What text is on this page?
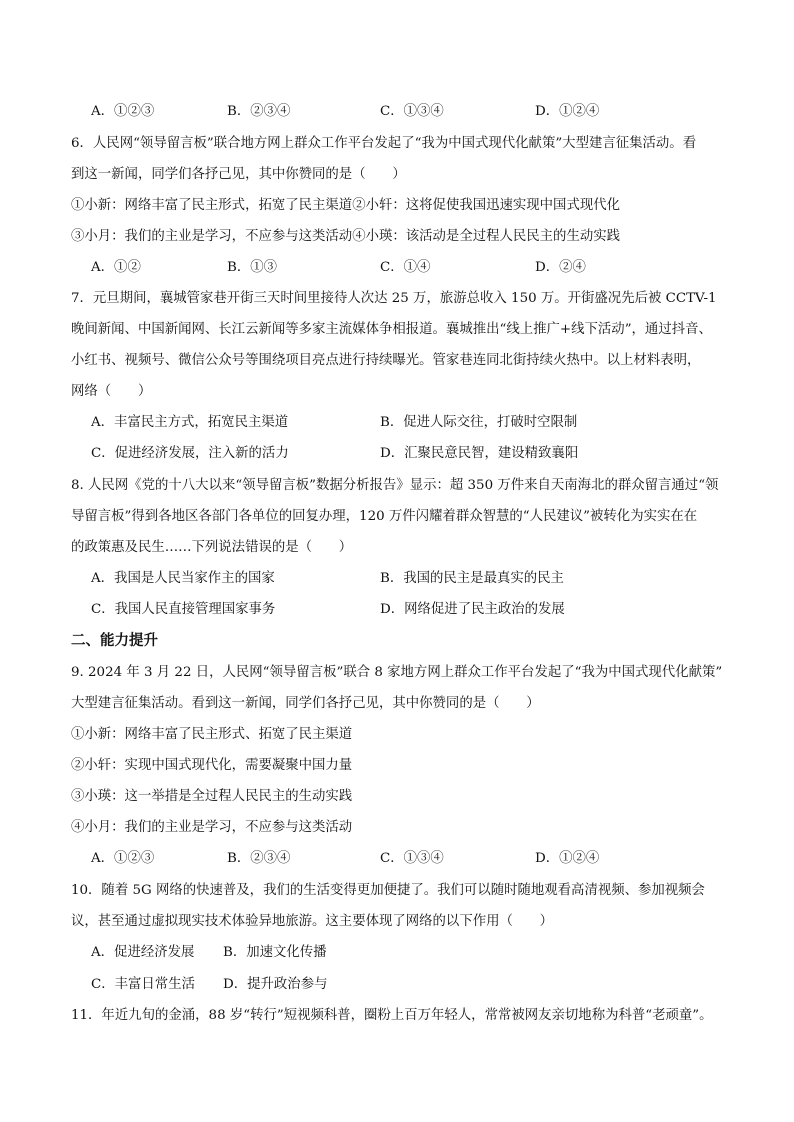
A．①②③	B．②③④	C．①③④	D．①②④
6．人民网“领导留言板”联合地方网上群众工作平台发起了“我为中国式现代化献策”大型建言征集活动。看
到这一新闻，同学们各抒己见，其中你赞同的是（　　）
①小新：网络丰富了民主形式，拓宽了民主渠道②小轩：这将促使我国迅速实现中国式现代化
③小月：我们的主业是学习，不应参与这类活动④小瑛：该活动是全过程人民民主的生动实践
A．①②	B．①③	C．①④	D．②④
7．元旦期间，襄城管家巷开街三天时间里接待人次达 25 万，旅游总收入 150 万。开街盛况先后被 CCTV-1
晚间新闻、中国新闻网、长江云新闻等多家主流媒体争相报道。襄城推出“线上推广+线下活动”，通过抖音、
小红书、视频号、微信公众号等围绕项目亮点进行持续曝光。管家巷连同北街持续火热中。以上材料表明，
网络（　　）
A．丰富民主方式，拓宽民主渠道	B．促进人际交往，打破时空限制
C．促进经济发展，注入新的活力	D．汇聚民意民智，建设精致襄阳
8. 人民网《党的十八大以来“领导留言板”数据分析报告》显示：超 350 万件来自天南海北的群众留言通过“领
导留言板”得到各地区各部门各单位的回复办理，120 万件闪耀着群众智慧的“人民建议”被转化为实实在在
的政策惠及民生……下列说法错误的是（　　）
A．我国是人民当家作主的国家	B．我国的民主是最真实的民主
C．我国人民直接管理国家事务	D．网络促进了民主政治的发展
二、能力提升
9. 2024 年 3 月 22 日，人民网“领导留言板”联合 8 家地方网上群众工作平台发起了“我为中国式现代化献策”
大型建言征集活动。看到这一新闻，同学们各抒己见，其中你赞同的是（　　）
①小新：网络丰富了民主形式、拓宽了民主渠道
②小轩：实现中国式现代化，需要凝聚中国力量
③小瑛：这一举措是全过程人民民主的生动实践
④小月：我们的主业是学习，不应参与这类活动
A．①②③	B．②③④	C．①③④	D．①②④
10．随着 5G 网络的快速普及，我们的生活变得更加便捷了。我们可以随时随地观看高清视频、参加视频会
议，甚至通过虚拟现实技术体验异地旅游。这主要体现了网络的以下作用（　　）
A．促进经济发展 B．加速文化传播
C．丰富日常生活 D．提升政治参与
11．年近九旬的金涌，88 岁“转行”短视频科普，圈粉上百万年轻人，常常被网友亲切地称为科普“老顽童”。
